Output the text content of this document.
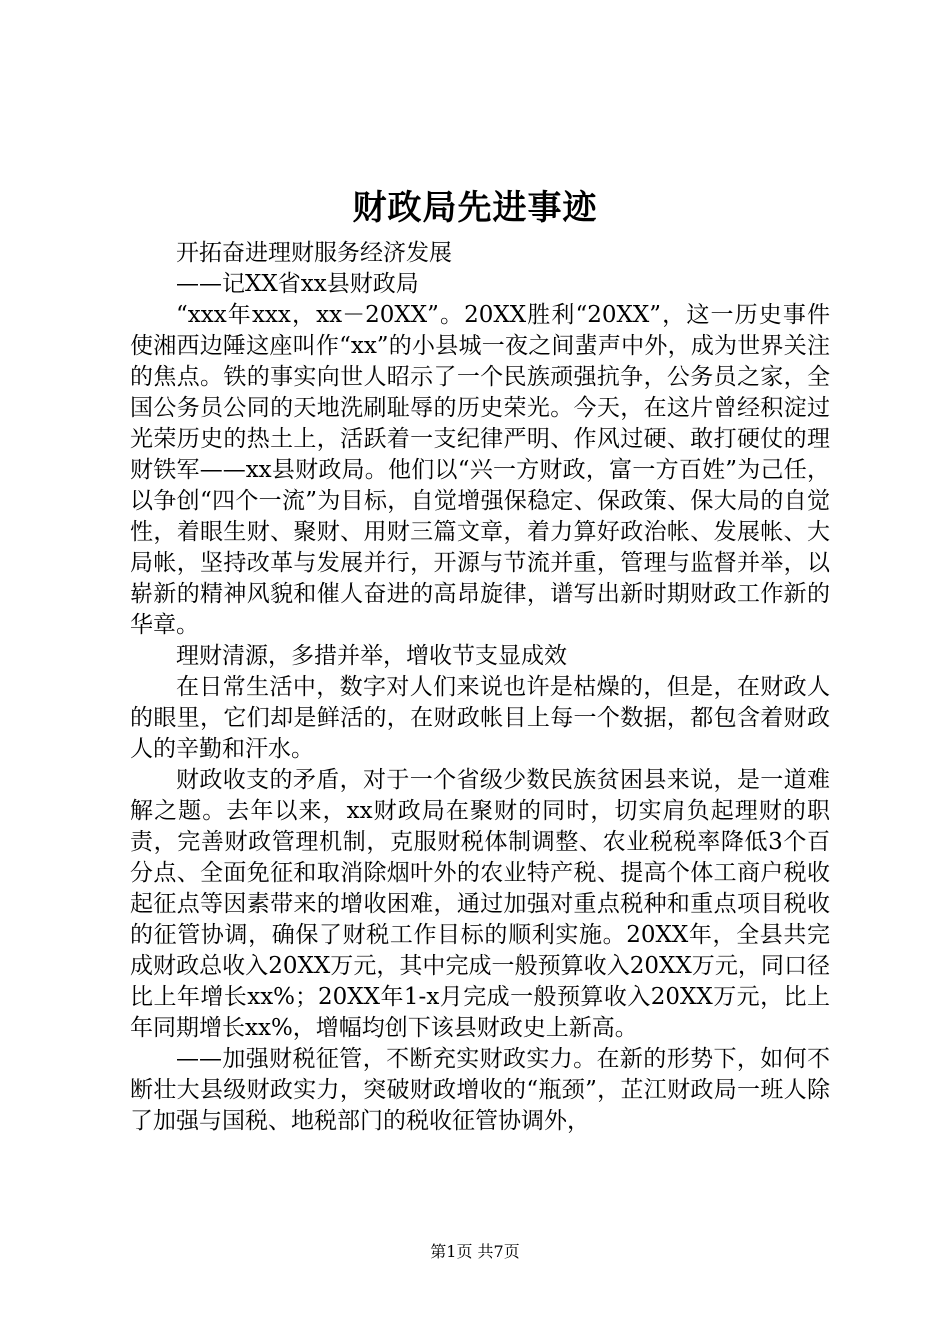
财政局先进事迹

开拓奋进理财服务经济发展

——记XX省xx县财政局

“xxx年xxx，xx－20XX”。20XX胜利“20XX”，这一历史事件使湘西边陲这座叫作“xx”的小县城一夜之间蜚声中外，成为世界关注的焦点。铁的事实向世人昭示了一个民族顽强抗争，公务员之家，全国公务员公同的天地洗刷耻辱的历史荣光。今天，在这片曾经积淀过光荣历史的热土上，活跃着一支纪律严明、作风过硬、敢打硬仗的理财铁军——xx县财政局。他们以“兴一方财政，富一方百姓”为己任，以争创“四个一流”为目标，自觉增强保稳定、保政策、保大局的自觉性，着眼生财、聚财、用财三篇文章，着力算好政治帐、发展帐、大局帐，坚持改革与发展并行，开源与节流并重，管理与监督并举，以崭新的精神风貌和催人奋进的高昂旋律，谱写出新时期财政工作新的华章。

理财清源，多措并举，增收节支显成效

在日常生活中，数字对人们来说也许是枯燥的，但是，在财政人的眼里，它们却是鲜活的，在财政帐目上每一个数据，都包含着财政人的辛勤和汗水。

财政收支的矛盾，对于一个省级少数民族贫困县来说，是一道难解之题。去年以来，xx财政局在聚财的同时，切实肩负起理财的职责，完善财政管理机制，克服财税体制调整、农业税税率降低3个百分点、全面免征和取消除烟叶外的农业特产税、提高个体工商户税收起征点等因素带来的增收困难，通过加强对重点税种和重点项目税收的征管协调，确保了财税工作目标的顺利实施。20XX年，全县共完成财政总收入20XX万元，其中完成一般预算收入20XX万元，同口径比上年增长xx%；20XX年1-x月完成一般预算收入20XX万元，比上年同期增长xx%，增幅均创下该县财政史上新高。

——加强财税征管，不断充实财政实力。在新的形势下，如何不断壮大县级财政实力，突破财政增收的“瓶颈”，芷江财政局一班人除了加强与国税、地税部门的税收征管协调外，

第1页 共7页
